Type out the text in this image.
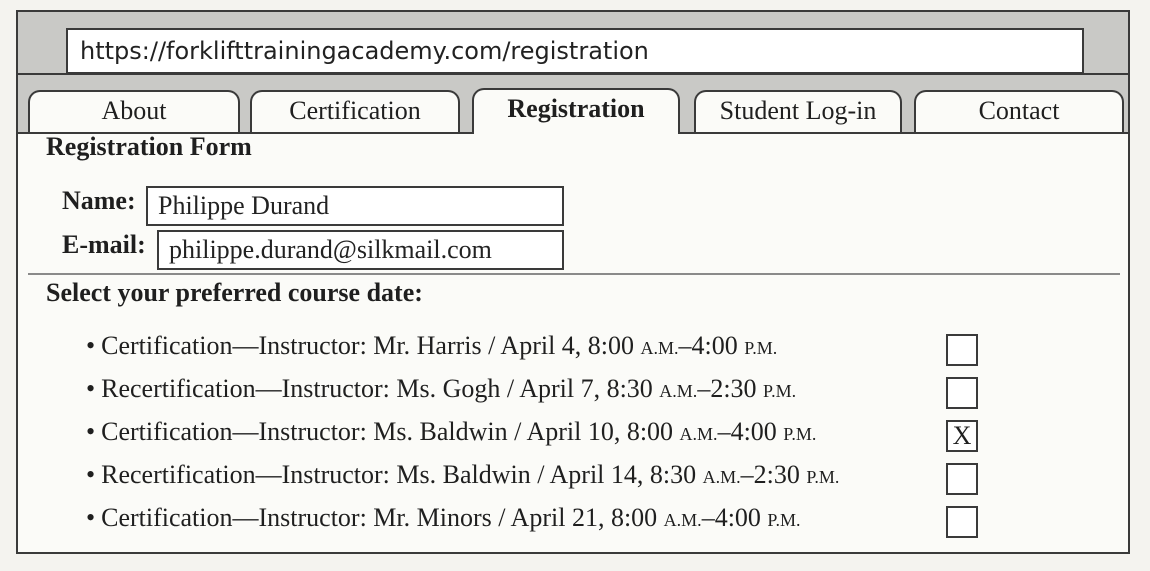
https://forklifttrainingacademy.com/registration
About	Certification	Registration	Student Log-in	Contact
Registration Form
Name: Philippe Durand
E-mail: philippe.durand@silkmail.com
Select your preferred course date:
• Certification—Instructor: Mr. Harris / April 4, 8:00 A.M.–4:00 P.M.
• Recertification—Instructor: Ms. Gogh / April 7, 8:30 A.M.–2:30 P.M.
• Certification—Instructor: Ms. Baldwin / April 10, 8:00 A.M.–4:00 P.M.	X
• Recertification—Instructor: Ms. Baldwin / April 14, 8:30 A.M.–2:30 P.M.
• Certification—Instructor: Mr. Minors / April 21, 8:00 A.M.–4:00 P.M.
